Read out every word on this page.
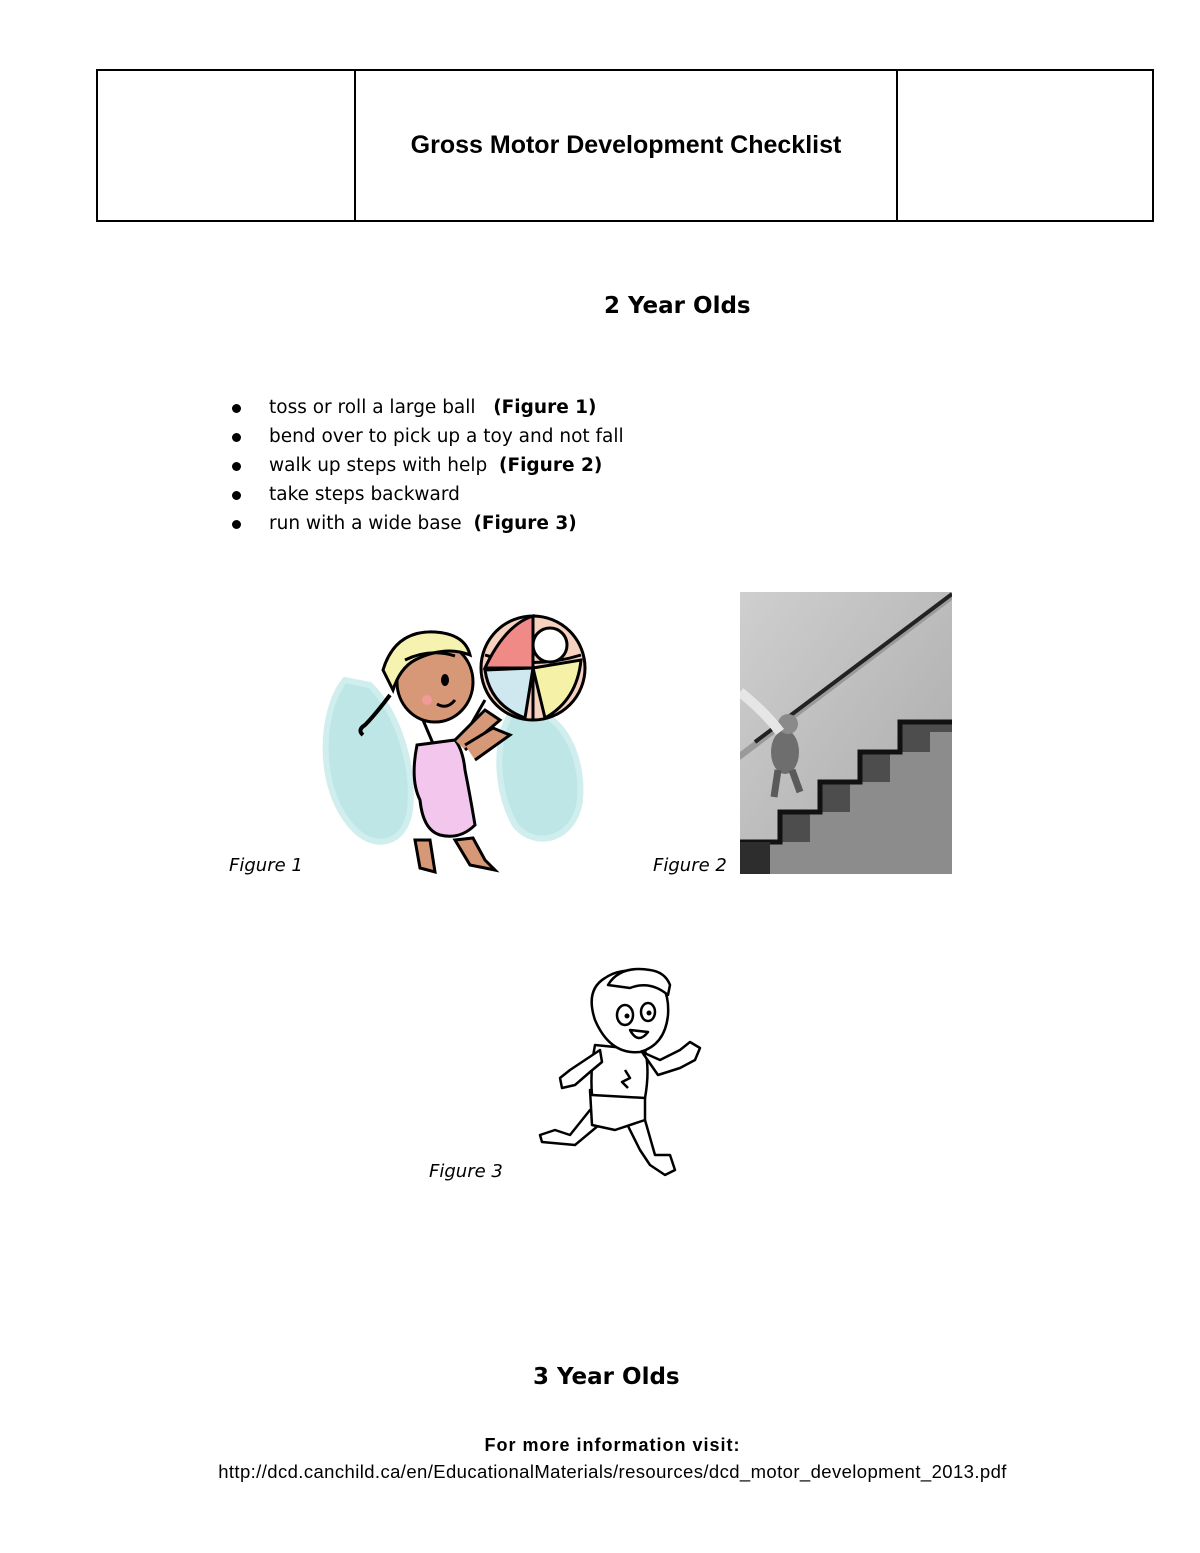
	Gross Motor Development Checklist	
2 Year Olds
toss or roll a large ball (Figure 1)
bend over to pick up a toy and not fall
walk up steps with help (Figure 2)
take steps backward
run with a wide base (Figure 3)
Figure 1	Figure 2
Figure 3
3 Year Olds
For more information visit:
http://dcd.canchild.ca/en/EducationalMaterials/resources/dcd_motor_development_2013.pdf
